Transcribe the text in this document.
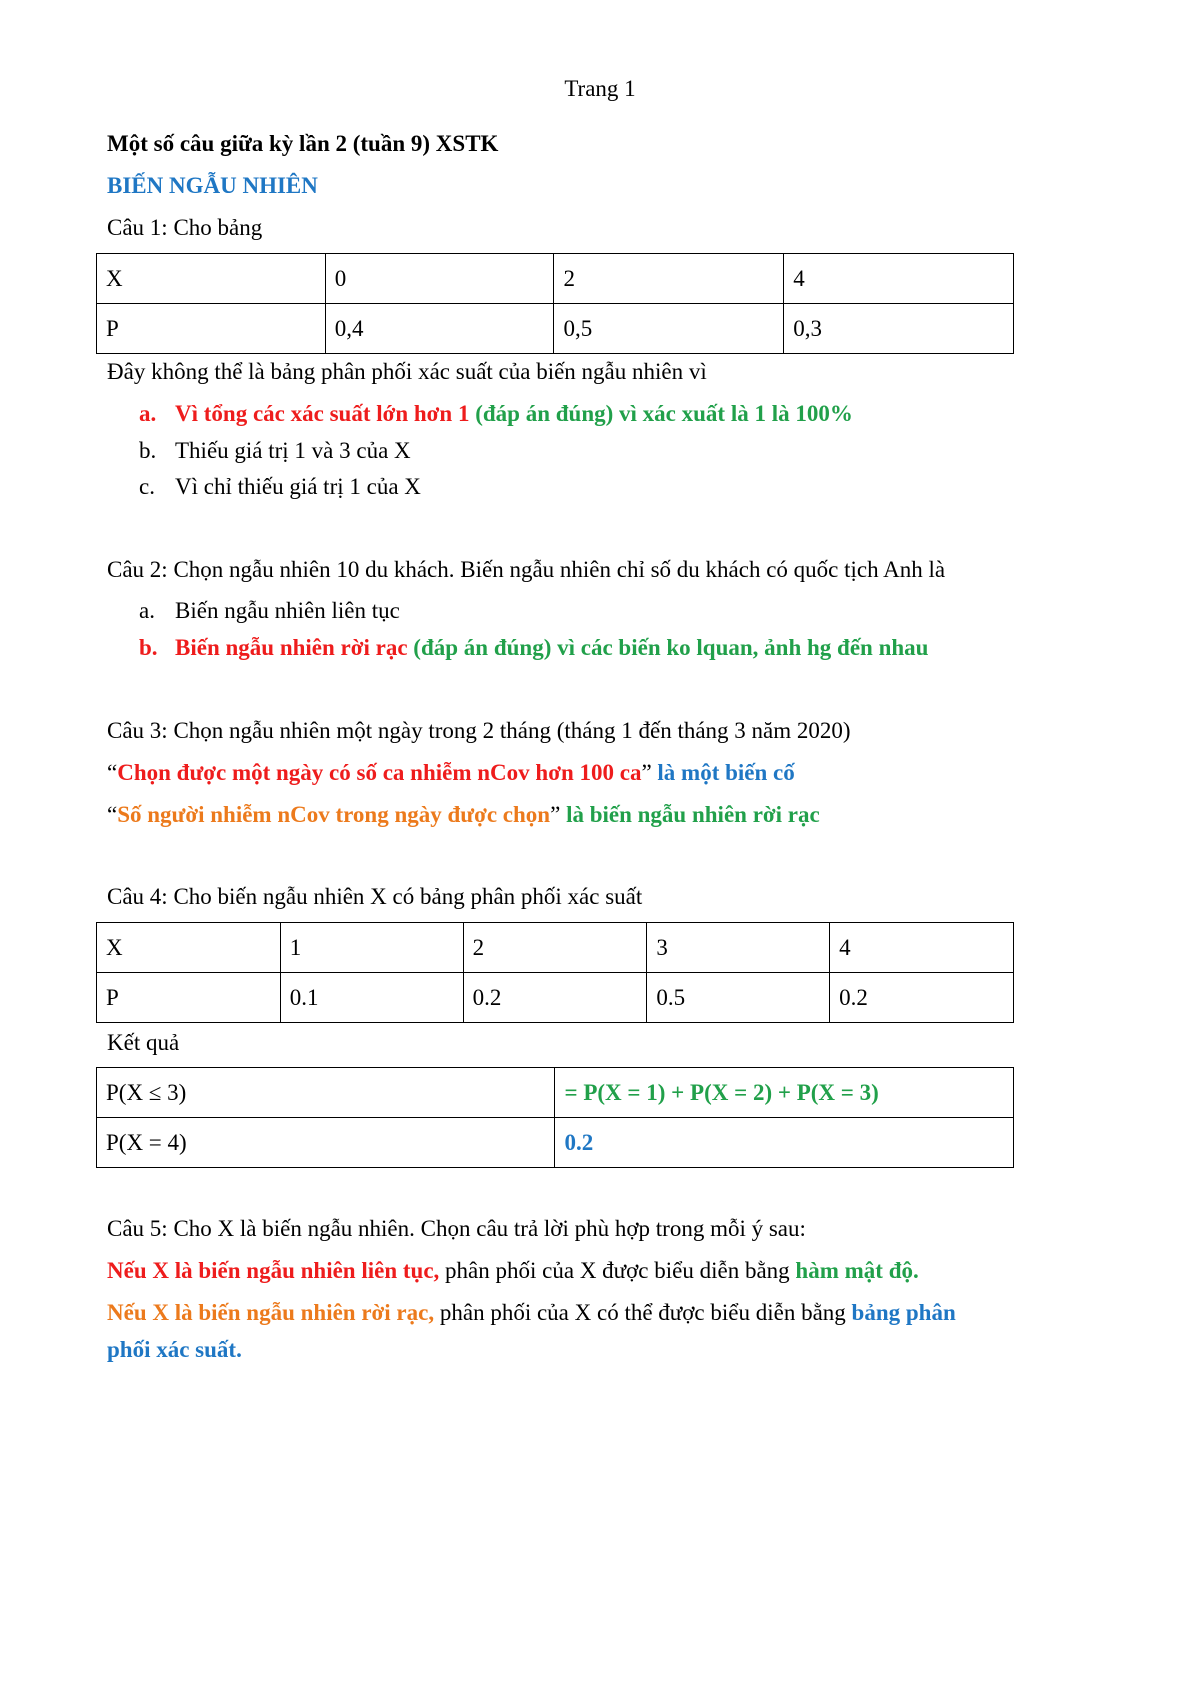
Trang 1
Một số câu giữa kỳ lần 2 (tuần 9) XSTK
BIẾN NGẪU NHIÊN
Câu 1: Cho bảng
X	0	2	4
P	0,4	0,5	0,3
Đây không thể là bảng phân phối xác suất của biến ngẫu nhiên vì
a. Vì tổng các xác suất lớn hơn 1 (đáp án đúng) vì xác xuất là 1 là 100%
b. Thiếu giá trị 1 và 3 của X
c. Vì chỉ thiếu giá trị 1 của X
Câu 2: Chọn ngẫu nhiên 10 du khách. Biến ngẫu nhiên chỉ số du khách có quốc tịch Anh là
a. Biến ngẫu nhiên liên tục
b. Biến ngẫu nhiên rời rạc (đáp án đúng) vì các biến ko lquan, ảnh hg đến nhau
Câu 3: Chọn ngẫu nhiên một ngày trong 2 tháng (tháng 1 đến tháng 3 năm 2020)
“Chọn được một ngày có số ca nhiễm nCov hơn 100 ca” là một biến cố
“Số người nhiễm nCov trong ngày được chọn” là biến ngẫu nhiên rời rạc
Câu 4: Cho biến ngẫu nhiên X có bảng phân phối xác suất
X	1	2	3	4
P	0.1	0.2	0.5	0.2
Kết quả
P(X ≤ 3)	= P(X = 1) + P(X = 2) + P(X = 3)
P(X = 4)	0.2
Câu 5: Cho X là biến ngẫu nhiên. Chọn câu trả lời phù hợp trong mỗi ý sau:
Nếu X là biến ngẫu nhiên liên tục, phân phối của X được biểu diễn bằng hàm mật độ.
Nếu X là biến ngẫu nhiên rời rạc, phân phối của X có thể được biểu diễn bằng bảng phân
phối xác suất.
